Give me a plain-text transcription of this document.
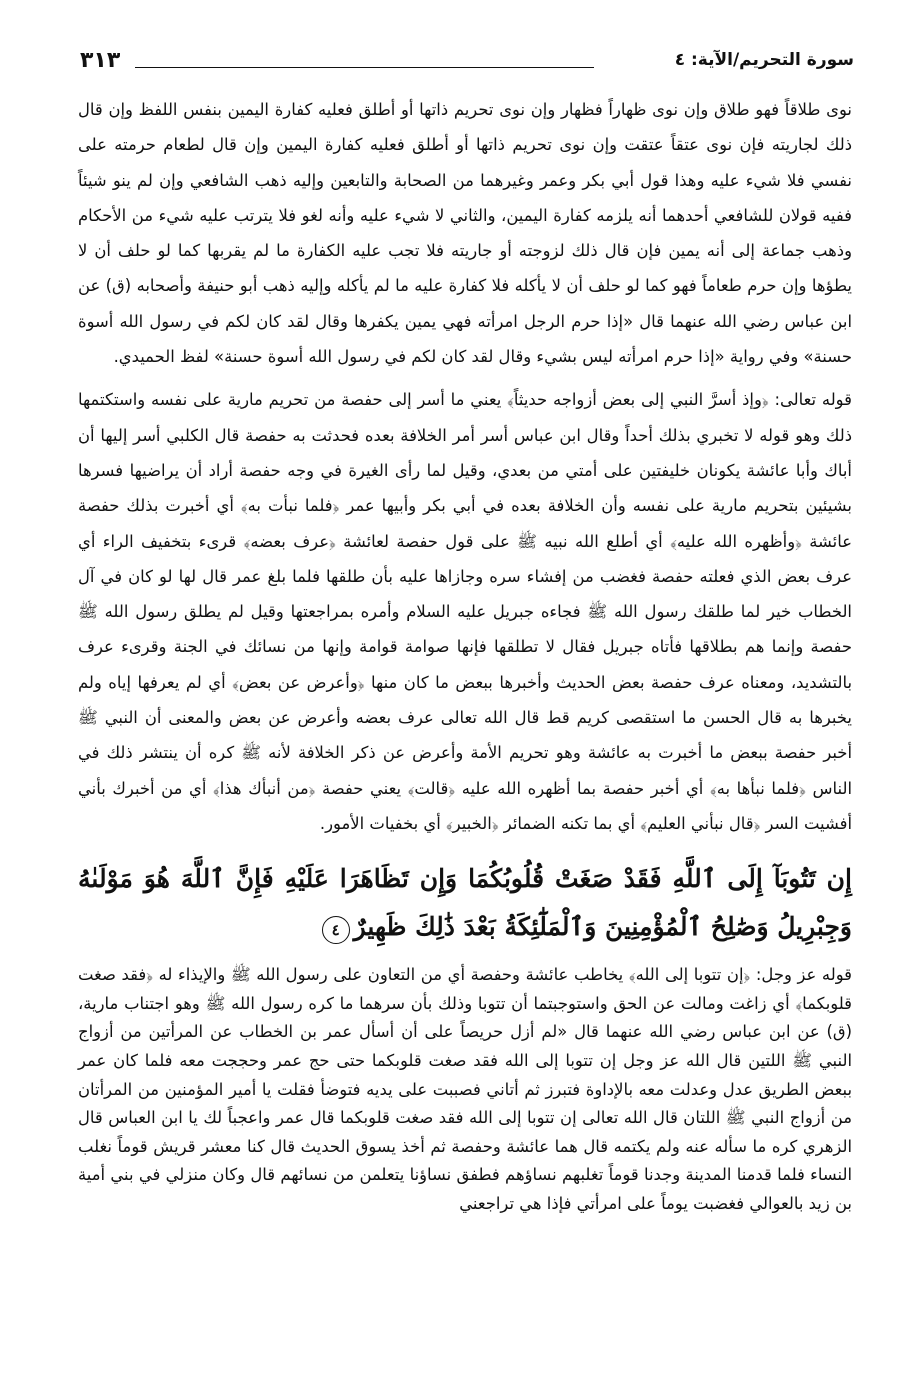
سورة التحريم/الآية: ٤
٣١٣

نوى طلاقاً فهو طلاق وإن نوى ظهاراً فظهار وإن نوى تحريم ذاتها أو أطلق فعليه كفارة اليمين بنفس اللفظ وإن قال ذلك لجاريته فإن نوى عتقاً عتقت وإن نوى تحريم ذاتها أو أطلق فعليه كفارة اليمين وإن قال لطعام حرمته على نفسي فلا شيء عليه وهذا قول أبي بكر وعمر وغيرهما من الصحابة والتابعين وإليه ذهب الشافعي وإن لم ينو شيئاً ففيه قولان للشافعي أحدهما أنه يلزمه كفارة اليمين، والثاني لا شيء عليه وأنه لغو فلا يترتب عليه شيء من الأحكام وذهب جماعة إلى أنه يمين فإن قال ذلك لزوجته أو جاريته فلا تجب عليه الكفارة ما لم يقربها كما لو حلف أن لا يطؤها وإن حرم طعاماً فهو كما لو حلف أن لا يأكله فلا كفارة عليه ما لم يأكله وإليه ذهب أبو حنيفة وأصحابه (ق) عن ابن عباس رضي الله عنهما قال «إذا حرم الرجل امرأته فهي يمين يكفرها وقال لقد كان لكم في رسول الله أسوة حسنة» وفي رواية «إذا حرم امرأته ليس بشيء وقال لقد كان لكم في رسول الله أسوة حسنة» لفظ الحميدي.

قوله تعالى: ﴿وإذ أسرَّ النبي إلى بعض أزواجه حديثاً﴾ يعني ما أسر إلى حفصة من تحريم مارية على نفسه واستكتمها ذلك وهو قوله لا تخبري بذلك أحداً وقال ابن عباس أسر أمر الخلافة بعده فحدثت به حفصة قال الكلبي أسر إليها أن أباك وأبا عائشة يكونان خليفتين على أمتي من بعدي، وقيل لما رأى الغيرة في وجه حفصة أراد أن يراضيها فسرها بشيئين بتحريم مارية على نفسه وأن الخلافة بعده في أبي بكر وأبيها عمر ﴿فلما نبأت به﴾ أي أخبرت بذلك حفصة عائشة ﴿وأظهره الله عليه﴾ أي أطلع الله نبيه ﷺ على قول حفصة لعائشة ﴿عرف بعضه﴾ قرىء بتخفيف الراء أي عرف بعض الذي فعلته حفصة فغضب من إفشاء سره وجازاها عليه بأن طلقها فلما بلغ عمر قال لها لو كان في آل الخطاب خير لما طلقك رسول الله ﷺ فجاءه جبريل عليه السلام وأمره بمراجعتها وقيل لم يطلق رسول الله ﷺ حفصة وإنما هم بطلاقها فأتاه جبريل فقال لا تطلقها فإنها صوامة قوامة وإنها من نسائك في الجنة وقرىء عرف بالتشديد، ومعناه عرف حفصة بعض الحديث وأخبرها ببعض ما كان منها ﴿وأعرض عن بعض﴾ أي لم يعرفها إياه ولم يخبرها به قال الحسن ما استقصى كريم قط قال الله تعالى عرف بعضه وأعرض عن بعض والمعنى أن النبي ﷺ أخبر حفصة ببعض ما أخبرت به عائشة وهو تحريم الأمة وأعرض عن ذكر الخلافة لأنه ﷺ كره أن ينتشر ذلك في الناس ﴿فلما نبأها به﴾ أي أخبر حفصة بما أظهره الله عليه ﴿قالت﴾ يعني حفصة ﴿من أنبأك هذا﴾ أي من أخبرك بأني أفشيت السر ﴿قال نبأني العليم﴾ أي بما تكنه الضمائر ﴿الخبير﴾ أي بخفيات الأمور.

إِن تَتُوبَآ إِلَى ٱللَّهِ فَقَدْ صَغَتْ قُلُوبُكُمَا وَإِن تَظَاهَرَا عَلَيْهِ فَإِنَّ ٱللَّهَ هُوَ مَوْلَىٰهُ وَجِبْرِيلُ وَصَٰلِحُ ٱلْمُؤْمِنِينَ وَٱلْمَلَٰٓئِكَةُ بَعْدَ ذَٰلِكَ ظَهِيرٌ٤

قوله عز وجل: ﴿إن تتوبا إلى الله﴾ يخاطب عائشة وحفصة أي من التعاون على رسول الله ﷺ والإيذاء له ﴿فقد صغت قلوبكما﴾ أي زاغت ومالت عن الحق واستوجبتما أن تتوبا وذلك بأن سرهما ما كره رسول الله ﷺ وهو اجتناب مارية، (ق) عن ابن عباس رضي الله عنهما قال «لم أزل حريصاً على أن أسأل عمر بن الخطاب عن المرأتين من أزواج النبي ﷺ اللتين قال الله عز وجل إن تتوبا إلى الله فقد صغت قلوبكما حتى حج عمر وحججت معه فلما كان عمر ببعض الطريق عدل وعدلت معه بالإداوة فتبرز ثم أتاني فصببت على يديه فتوضأ فقلت يا أمير المؤمنين من المرأتان من أزواج النبي ﷺ اللتان قال الله تعالى إن تتوبا إلى الله فقد صغت قلوبكما قال عمر واعجباً لك يا ابن العباس قال الزهري كره ما سأله عنه ولم يكتمه قال هما عائشة وحفصة ثم أخذ يسوق الحديث قال كنا معشر قريش قوماً نغلب النساء فلما قدمنا المدينة وجدنا قوماً تغلبهم نساؤهم فطفق نساؤنا يتعلمن من نسائهم قال وكان منزلي في بني أمية بن زيد بالعوالي فغضبت يوماً على امرأتي فإذا هي تراجعني
